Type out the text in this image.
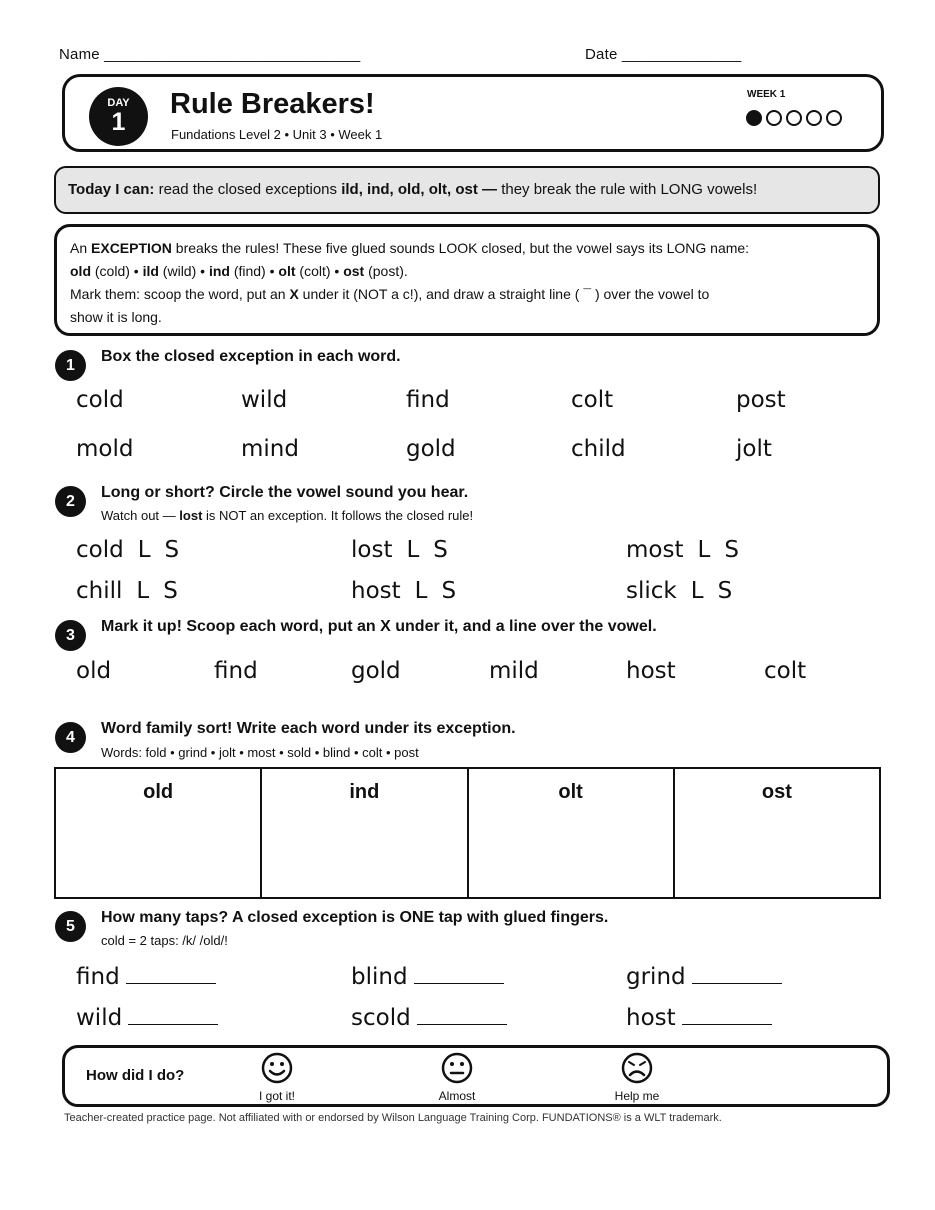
Name ______________________________	Date ______________
DAY
1
Rule Breakers!
Fundations Level 2 • Unit 3 • Week 1
WEEK 1
Today I can: read the closed exceptions ild, ind, old, olt, ost — they break the rule with LONG vowels!

An EXCEPTION breaks the rules! These five glued sounds LOOK closed, but the vowel says its LONG name:

old (cold) • ild (wild) • ind (find) • olt (colt) • ost (post).

Mark them: scoop the word, put an X under it (NOT a c!), and draw a straight line ( ¯ ) over the vowel to

show it is long.

1
Box the closed exception in each word.
cold	wild	find	colt	post
mold	mind	gold	child	jolt
2
Long or short? Circle the vowel sound you hear.
Watch out — lost is NOT an exception. It follows the closed rule!
cold L S	lost L S	most L S
chill L S	host L S	slick L S
3
Mark it up! Scoop each word, put an X under it, and a line over the vowel.
old	find	gold	mild	host	colt
4
Word family sort! Write each word under its exception.
Words: fold • grind • jolt • most • sold • blind • colt • post
old	ind	olt	ost
5
How many taps? A closed exception is ONE tap with glued fingers.
cold = 2 taps: /k/ /old/!
find	blind	grind
wild	scold	host
How did I do?
I got it!	Almost	Help me
Teacher-created practice page. Not affiliated with or endorsed by Wilson Language Training Corp. FUNDATIONS® is a WLT trademark.
